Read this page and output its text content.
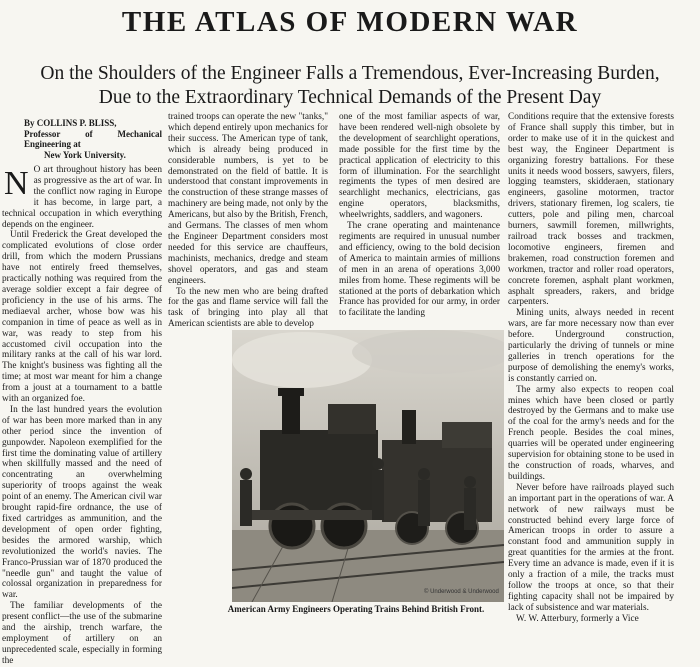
THE ATLAS OF MODERN WAR
On the Shoulders of the Engineer Falls a Tremendous, Ever-Increasing Burden,
Due to the Extraordinary Technical Demands of the Present Day
By COLLINS P. BLISS,
Professor of Mechanical Engineering at
New York University.

N O art throughout history has been as progressive as the art of war. In the conflict now raging in Europe it has become, in large part, a technical occupation in which everything depends on the engineer.

Until Frederick the Great developed the complicated evolutions of close order drill, from which the modern Prussians have not entirely freed themselves, practically nothing was required from the average soldier except a fair degree of proficiency in the use of his arms. The mediaeval archer, whose bow was his companion in time of peace as well as in war, was ready to step from his accustomed civil occupation into the military ranks at the call of his war lord. The knight's business was fighting all the time; at most war meant for him a change from a joust at a tournament to a battle with an organized foe.

In the last hundred years the evolution of war has been more marked than in any other period since the invention of gunpowder. Napoleon exemplified for the first time the dominating value of artillery when skillfully massed and the need of concentrating an overwhelming superiority of troops against the weak point of an enemy. The American civil war brought rapid-fire ordnance, the use of fixed cartridges as ammunition, and the development of open order fighting, besides the armored warship, which revolutionized the world's navies. The Franco-Prussian war of 1870 produced the "needle gun" and taught the value of colossal organization in preparedness for war.

The familiar developments of the present conflict—the use of the submarine and the airship, trench warfare, the employment of artillery on an unprecedented scale, especially in forming the

trained troops can operate the new "tanks," which depend entirely upon mechanics for their success. The American type of tank, which is already being produced in considerable numbers, is yet to be demonstrated on the field of battle. It is understood that constant improvements in the construction of these strange masses of machinery are being made, not only by the Americans, but also by the British, French, and Germans. The classes of men whom the Engineer Department considers most needed for this service are chauffeurs, machinists, mechanics, dredge and steam shovel operators, and gas and steam engineers.

To the new men who are being drafted for the gas and flame service will fall the task of bringing into play all that American scientists are able to develop

one of the most familiar aspects of war, have been rendered well-nigh obsolete by the development of searchlight operations, made possible for the first time by the practical application of electricity to this form of illumination. For the searchlight regiments the types of men desired are searchlight mechanics, electricians, gas engine operators, blacksmiths, wheelwrights, saddlers, and wagoners.

The crane operating and maintenance regiments are required in unusual number and efficiency, owing to the bold decision of America to maintain armies of millions of men in an arena of operations 3,000 miles from home. These regiments will be stationed at the ports of debarkation which France has provided for our army, in order to facilitate the landing

Conditions require that the extensive forests of France shall supply this timber, but in order to make use of it in the quickest and best way, the Engineer Department is organizing forestry battalions. For these units it needs wood bossers, sawyers, filers, logging teamsters, skidderaen, stationary engineers, gasoline motormen, tractor drivers, stationary firemen, log scalers, tie cutters, pole and piling men, charcoal burners, sawmill foremen, millwrights, railroad track bosses and trackmen, locomotive engineers, firemen and brakemen, road construction foremen and workmen, tractor and roller road operators, concrete foremen, asphalt plant workmen, asphalt spreaders, rakers, and bridge carpenters.

Mining units, always needed in recent wars, are far more necessary now than ever before. Underground construction, particularly the driving of tunnels or mine galleries in trench operations for the purpose of demolishing the enemy's works, is constantly carried on.

The army also expects to reopen coal mines which have been closed or partly destroyed by the Germans and to make use of the coal for the army's needs and for the French people. Besides the coal mines, quarries will be operated under engineering supervision for obtaining stone to be used in the construction of roads, wharves, and buildings.

Never before have railroads played such an important part in the operations of war. A network of new railways must be constructed behind every large force of American troops in order to assure a constant food and ammunition supply in great quantities for the armies at the front. Every time an advance is made, even if it is only a fraction of a mile, the tracks must follow the troops at once, so that their fighting capacity shall not be impaired by lack of subsistence and war materials.

W. W. Atterbury, formerly a Vice

© Underwood & Underwood
American Army Engineers Operating Trains Behind British Front.
